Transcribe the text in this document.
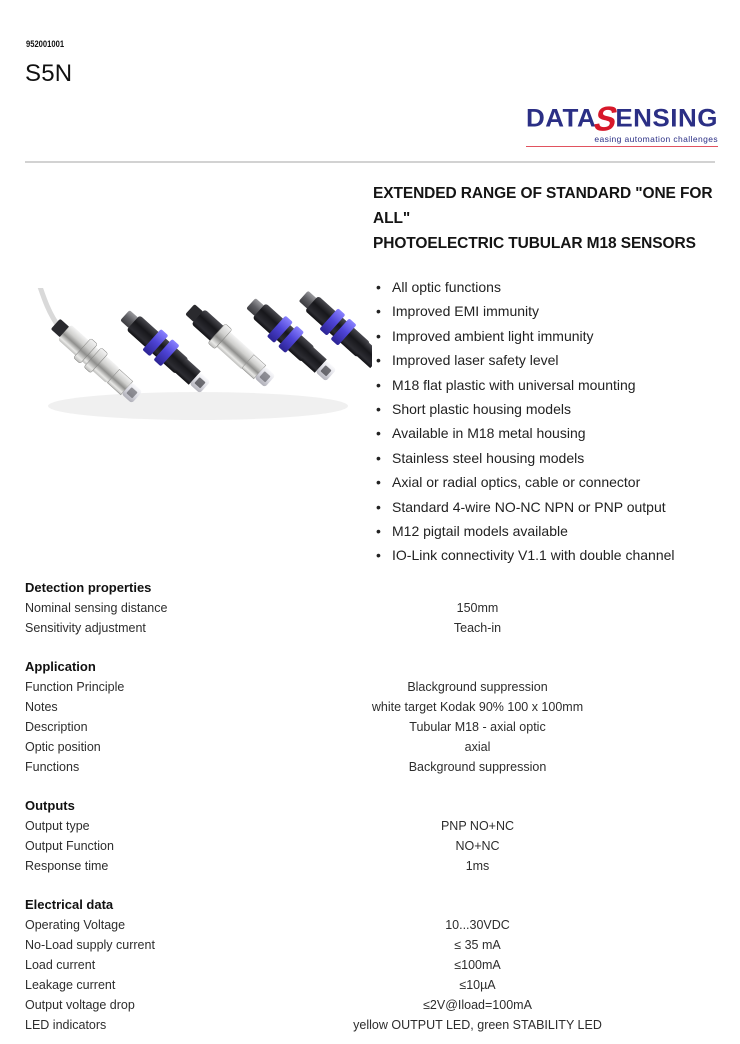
952001001
S5N
DATASENSING
easing automation challenges
EXTENDED RANGE OF STANDARD "ONE FOR ALL"
PHOTOELECTRIC TUBULAR M18 SENSORS
• All optic functions
• Improved EMI immunity
• Improved ambient light immunity
• Improved laser safety level
• M18 flat plastic with universal mounting
• Short plastic housing models
• Available in M18 metal housing
• Stainless steel housing models
• Axial or radial optics, cable or connector
• Standard 4-wire NO-NC NPN or PNP output
• M12 pigtail models available
• IO-Link connectivity V1.1 with double channel
Detection properties
Nominal sensing distance	150mm
Sensitivity adjustment	Teach-in
Application
Function Principle	Blackground suppression
Notes	white target Kodak 90% 100 x 100mm
Description	Tubular M18 - axial optic
Optic position	axial
Functions	Background suppression
Outputs
Output type	PNP NO+NC
Output Function	NO+NC
Response time	1ms
Electrical data
Operating Voltage	10...30VDC
No-Load supply current	≤ 35 mA
Load current	≤100mA
Leakage current	≤10µA
Output voltage drop	≤2V@Iload=100mA
LED indicators	yellow OUTPUT LED, green STABILITY LED
